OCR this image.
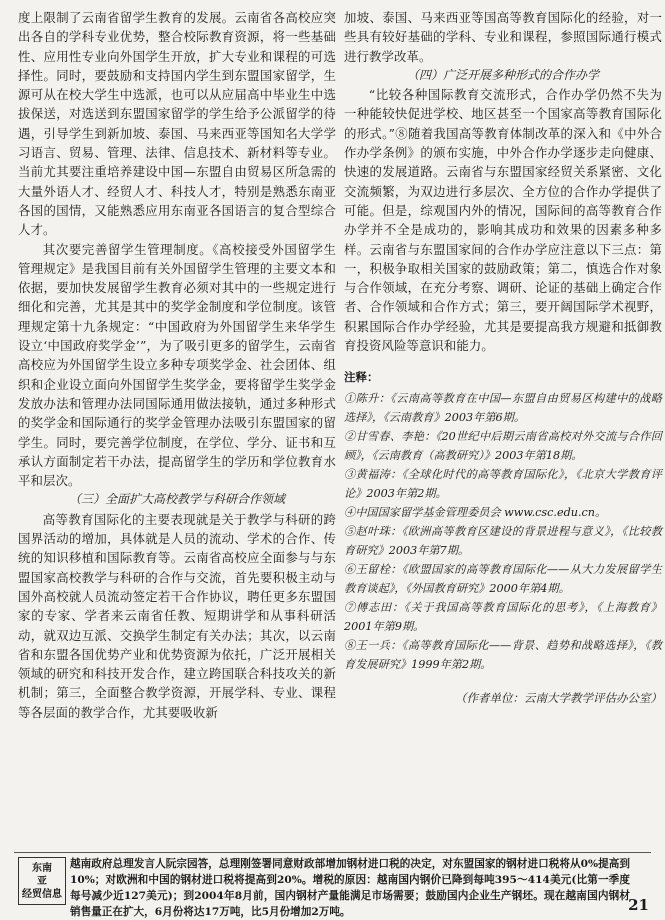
度上限制了云南省留学生教育的发展。云南省各高校应突出各自的学科专业优势，整合校际教育资源，将一些基础性、应用性专业向外国学生开放，扩大专业和课程的可选择性。同时，要鼓励和支持国内学生到东盟国家留学，生源可从在校大学生中选派，也可以从应届高中毕业生中选拔保送，对选送到东盟国家留学的学生给予公派留学的待遇，引导学生到新加坡、泰国、马来西亚等国知名大学学习语言、贸易、管理、法律、信息技术、新材料等专业。当前尤其要注重培养建设中国—东盟自由贸易区所急需的大量外语人才、经贸人才、科技人才，特别是熟悉东南亚各国的国情，又能熟悉应用东南亚各国语言的复合型综合人才。

其次要完善留学生管理制度。《高校接受外国留学生管理规定》是我国目前有关外国留学生管理的主要文本和依据，要加快发展留学生教育必须对其中的一些规定进行细化和完善，尤其是其中的奖学金制度和学位制度。该管理规定第十九条规定：“中国政府为外国留学生来华学生设立‘中国政府奖学金’”，为了吸引更多的留学生，云南省高校应为外国留学生设立多种专项奖学金、社会团体、组织和企业设立面向外国留学生奖学金，要将留学生奖学金发放办法和管理办法同国际通用做法接轨，通过多种形式的奖学金和国际通行的奖学金管理办法吸引东盟国家的留学生。同时，要完善学位制度，在学位、学分、证书和互承认方面制定若干办法，提高留学生的学历和学位教育水平和层次。

（三）全面扩大高校教学与科研合作领域

高等教育国际化的主要表现就是关于教学与科研的跨国界活动的增加，具体就是人员的流动、学术的合作、传统的知识移植和国际教育等。云南省高校应全面参与与东盟国家高校教学与科研的合作与交流，首先要积极主动与国外高校就人员流动签定若干合作协议，聘任更多东盟国家的专家、学者来云南省任教、短期讲学和从事科研活动，就双边互派、交换学生制定有关办法；其次，以云南省和东盟各国优势产业和优势资源为依托，广泛开展相关领域的研究和科技开发合作，建立跨国联合科技攻关的新机制；第三，全面整合教学资源，开展学科、专业、课程等各层面的教学合作，尤其要吸收新

加坡、泰国、马来西亚等国高等教育国际化的经验，对一些具有较好基础的学科、专业和课程，参照国际通行模式进行教学改革。

（四）广泛开展多种形式的合作办学

“比较各种国际教育交流形式，合作办学仍然不失为一种能较快促进学校、地区甚至一个国家高等教育国际化的形式。”⑧随着我国高等教育体制改革的深入和《中外合作办学条例》的颁布实施，中外合作办学逐步走向健康、快速的发展道路。云南省与东盟国家经贸关系紧密、文化交流频繁，为双边进行多层次、全方位的合作办学提供了可能。但是，综观国内外的情况，国际间的高等教育合作办学并不全是成功的，影响其成功和效果的因素多种多样。云南省与东盟国家间的合作办学应注意以下三点：第一，积极争取相关国家的鼓励政策；第二，慎选合作对象与合作领域，在充分考察、调研、论证的基础上确定合作者、合作领域和合作方式；第三，要开阔国际学术视野，积累国际合作办学经验，尤其是要提高我方规避和抵御教育投资风险等意识和能力。

注释：

①陈升：《云南高等教育在中国—东盟自由贸易区构建中的战略选择》，《云南教育》2003年第6期。

②甘雪春、李艳：《20世纪中后期云南省高校对外交流与合作回顾》，《云南教育（高教研究）》2003年第18期。

③黄福涛：《全球化时代的高等教育国际化》，《北京大学教育评论》2003年第2期。

④中国国家留学基金管理委员会 www.csc.edu.cn。

⑤赵叶珠：《欧洲高等教育区建设的背景进程与意义》，《比较教育研究》2003年第7期。

⑥王留栓：《欧盟国家的高等教育国际化——从大力发展留学生教育谈起》，《外国教育研究》2000年第4期。

⑦傅志田：《关于我国高等教育国际化的思考》，《上海教育》2001年第9期。

⑧王一兵：《高等教育国际化——背景、趋势和战略选择》，《教育发展研究》1999年第2期。

（作者单位：云南大学教学评估办公室）
东南
亚
经贸信息
越南政府总理发言人阮宗园答，总理刚签署同意财政部增加钢材进口税的决定，对东盟国家的钢材进口税将从0%提高到10%；对欧洲和中国的钢材进口税将提高到20%。增税的原因：越南国内钢价已降到每吨395～414美元(比第一季度每号减少近127美元)；到2004年8月前，国内钢材产量能满足市场需要；鼓励国内企业生产钢坯。现在越南国内钢材销售量正在扩大，6月份将达17万吨，比5月份增加2万吨。	21
